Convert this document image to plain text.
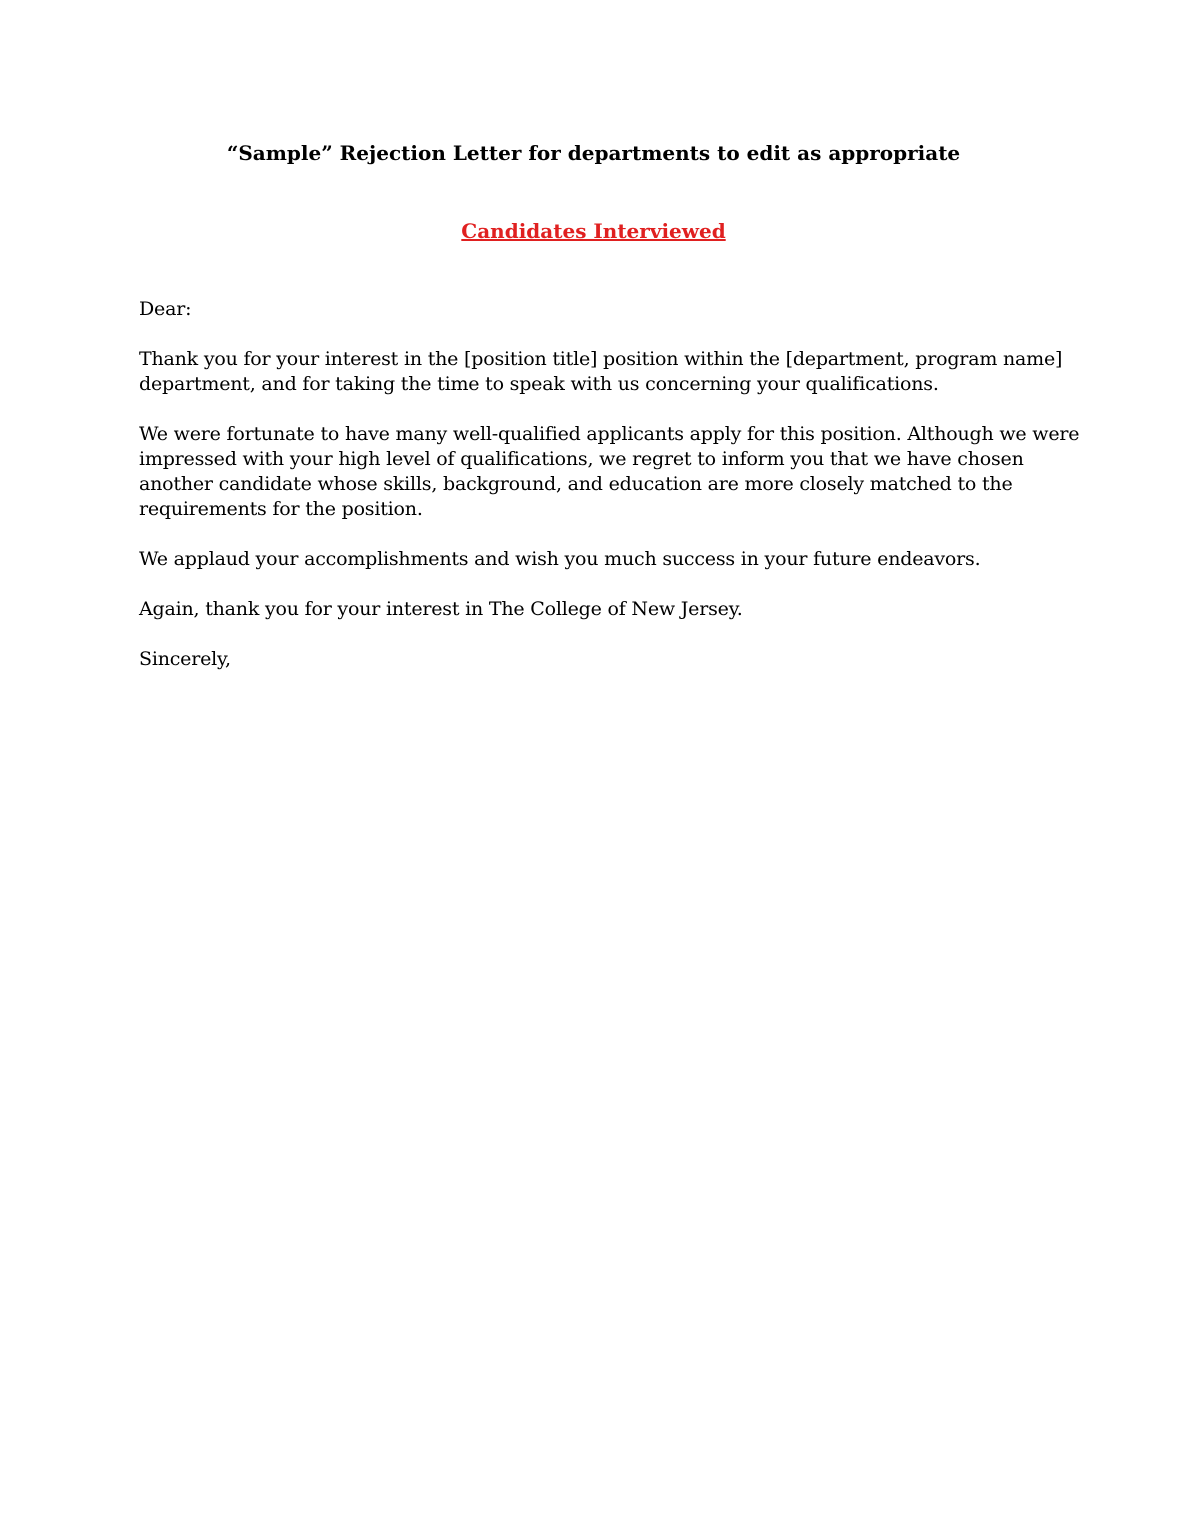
“Sample” Rejection Letter for departments to edit as appropriate

Candidates Interviewed

Dear:

Thank you for your interest in the [position title] position within the [department, program name]
department, and for taking the time to speak with us concerning your qualifications.

We were fortunate to have many well-qualified applicants apply for this position. Although we were
impressed with your high level of qualifications, we regret to inform you that we have chosen
another candidate whose skills, background, and education are more closely matched to the
requirements for the position.

We applaud your accomplishments and wish you much success in your future endeavors.

Again, thank you for your interest in The College of New Jersey.

Sincerely,
